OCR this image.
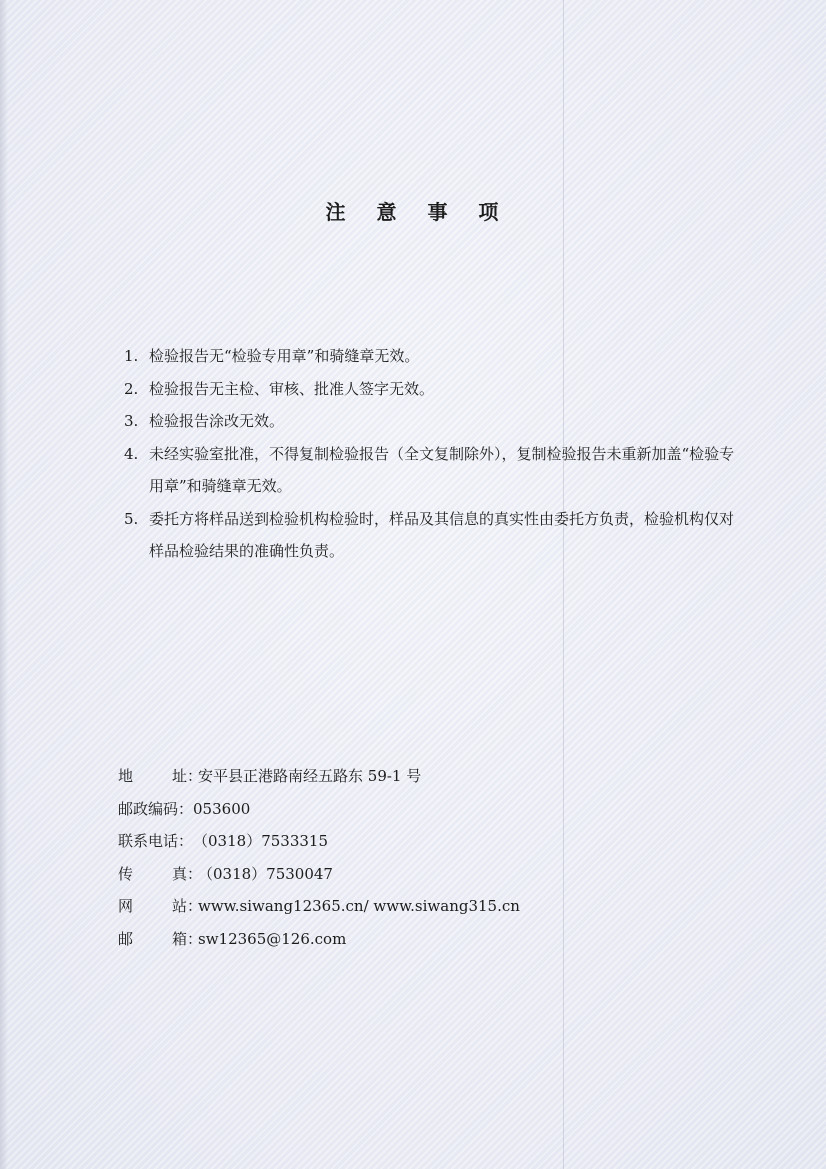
注 意 事 项
1. 检验报告无“检验专用章”和骑缝章无效。
2. 检验报告无主检、审核、批准人签字无效。
3. 检验报告涂改无效。
4. 未经实验室批准，不得复制检验报告（全文复制除外），复制检验报告未重新加盖“检验专用章”和骑缝章无效。
5. 委托方将样品送到检验机构检验时，样品及其信息的真实性由委托方负责，检验机构仅对样品检验结果的准确性负责。
地	址：安平县正港路南经五路东 59-1 号
邮政编码：053600
联系电话：（0318）7533315
传	真：（0318）7530047
网	站：www.siwang12365.cn/ www.siwang315.cn
邮	箱：sw12365@126.com
